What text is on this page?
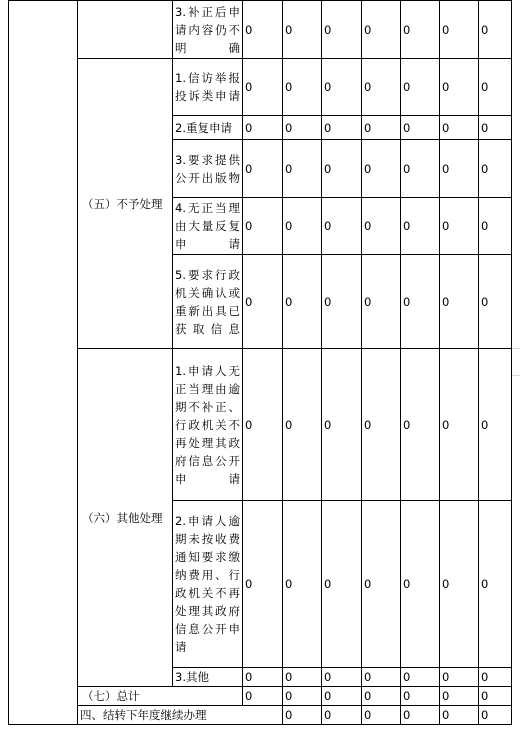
		3.补正后申请内容仍不明确	0	0	0	0	0	0	0	
	（五）不予处理	1.信访举报投诉类申请	0	0	0	0	0	0	0	
		2.重复申请	0	0	0	0	0	0	0	
		3.要求提供公开出版物	0	0	0	0	0	0	0	
		4.无正当理由大量反复申请	0	0	0	0	0	0	0	
		5.要求行政机关确认或重新出具已获取信息	0	0	0	0	0	0	0	
	（六）其他处理	1.申请人无正当理由逾期不补正、行政机关不再处理其政府信息公开申请	0	0	0	0	0	0	0	
		2.申请人逾期未按收费通知要求缴纳费用、行政机关不再处理其政府信息公开申请	0	0	0	0	0	0	0	
		3.其他	0	0	0	0	0	0	0	
	（七）总计		0	0	0	0	0	0	0	
	四、结转下年度继续办理			0	0	0	0	0	0	
